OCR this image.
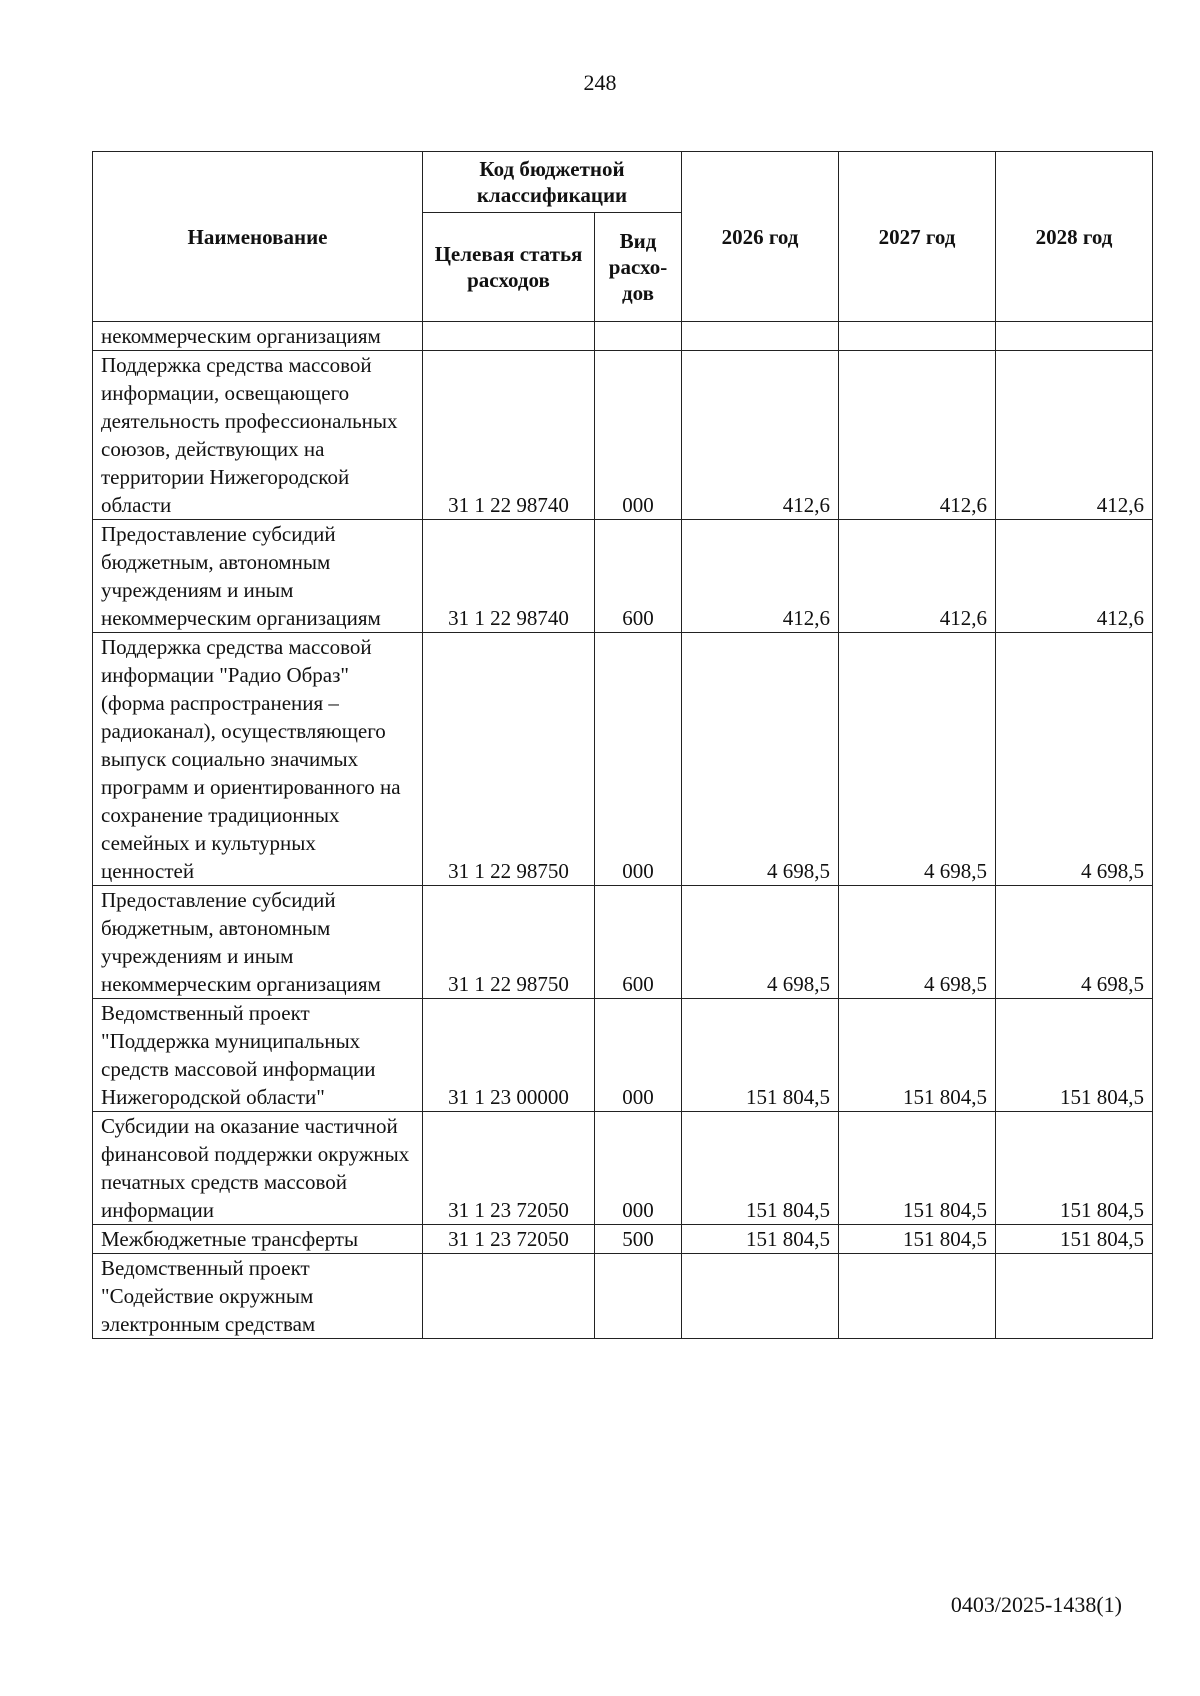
248
Наименование	Код бюджетной классификации		2026 год	2027 год	2028 год
	Целевая статья расходов	Вид расхо-дов			
некоммерческим организациям					
Поддержка средства массовой информации, освещающего деятельность профессиональных союзов, действующих на территории Нижегородской области	31 1 22 98740	000	412,6	412,6	412,6
Предоставление субсидий бюджетным, автономным учреждениям и иным некоммерческим организациям	31 1 22 98740	600	412,6	412,6	412,6
Поддержка средства массовой информации "Радио Образ" (форма распространения – радиоканал), осуществляющего выпуск социально значимых программ и ориентированного на сохранение традиционных семейных и культурных ценностей	31 1 22 98750	000	4 698,5	4 698,5	4 698,5
Предоставление субсидий бюджетным, автономным учреждениям и иным некоммерческим организациям	31 1 22 98750	600	4 698,5	4 698,5	4 698,5
Ведомственный проект "Поддержка муниципальных средств массовой информации Нижегородской области"	31 1 23 00000	000	151 804,5	151 804,5	151 804,5
Субсидии на оказание частичной финансовой поддержки окружных печатных средств массовой информации	31 1 23 72050	000	151 804,5	151 804,5	151 804,5
Межбюджетные трансферты	31 1 23 72050	500	151 804,5	151 804,5	151 804,5
Ведомственный проект "Содействие окружным электронным средствам					
0403/2025-1438(1)
